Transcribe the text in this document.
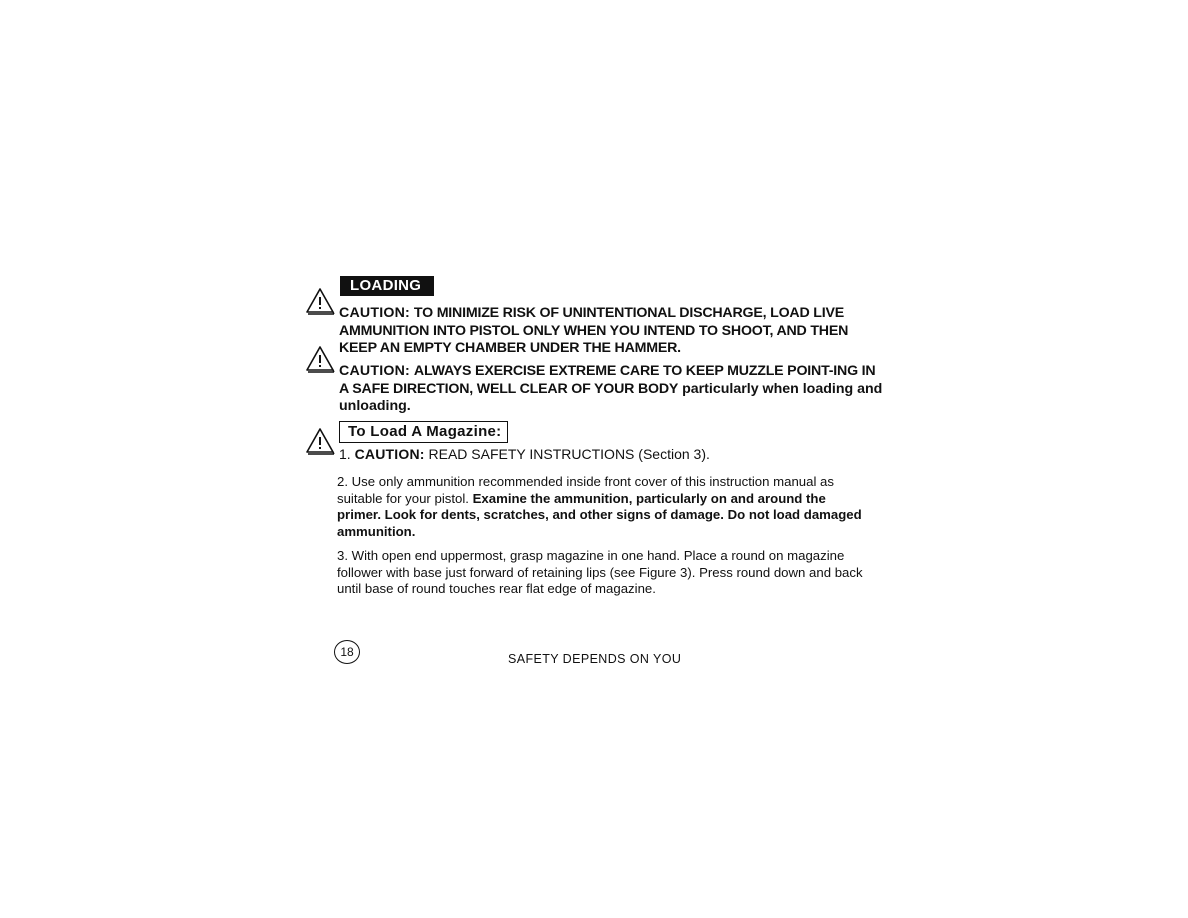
LOADING
CAUTION: TO MINIMIZE RISK OF UNINTENTIONAL DISCHARGE, LOAD LIVE AMMUNITION INTO PISTOL ONLY WHEN YOU INTEND TO SHOOT, AND THEN KEEP AN EMPTY CHAMBER UNDER THE HAMMER.
CAUTION: ALWAYS EXERCISE EXTREME CARE TO KEEP MUZZLE POINT-ING IN A SAFE DIRECTION, WELL CLEAR OF YOUR BODY particularly when loading and unloading.
To Load A Magazine:
1. CAUTION: READ SAFETY INSTRUCTIONS (Section 3).
2. Use only ammunition recommended inside front cover of this instruction manual as suitable for your pistol. Examine the ammunition, particularly on and around the primer. Look for dents, scratches, and other signs of damage. Do not load damaged ammunition.
3. With open end uppermost, grasp magazine in one hand. Place a round on magazine follower with base just forward of retaining lips (see Figure 3). Press round down and back until base of round touches rear flat edge of magazine.
18	SAFETY DEPENDS ON YOU
